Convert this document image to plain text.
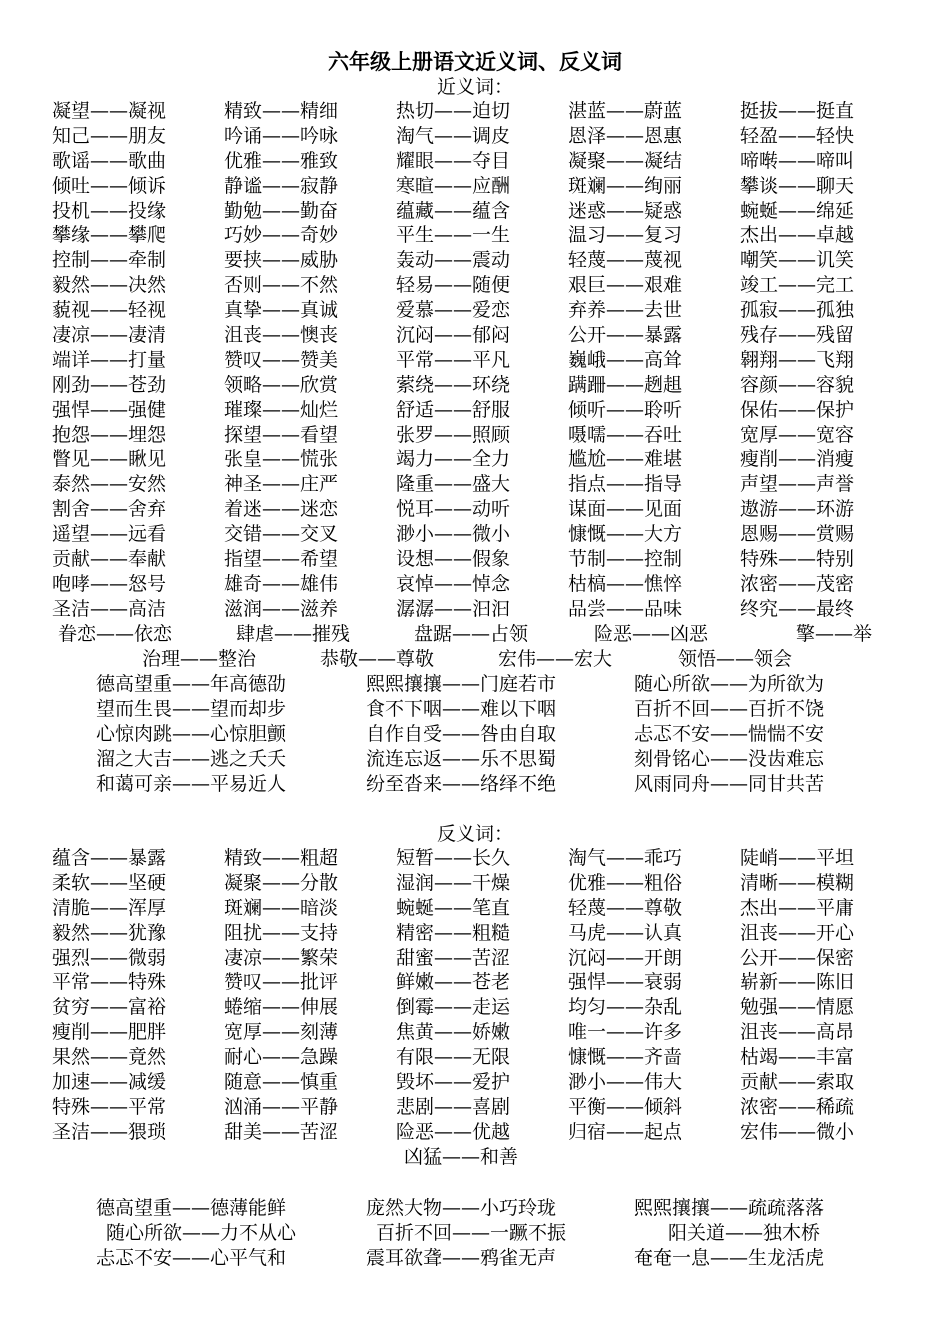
六年级上册语文近义词、反义词
近义词：
凝望——凝视	精致——精细	热切——迫切	湛蓝——蔚蓝	挺拔——挺直
知己——朋友	吟诵——吟咏	淘气——调皮	恩泽——恩惠	轻盈——轻快
歌谣——歌曲	优雅——雅致	耀眼——夺目	凝聚——凝结	啼啭——啼叫
倾吐——倾诉	静谧——寂静	寒暄——应酬	斑斓——绚丽	攀谈——聊天
投机——投缘	勤勉——勤奋	蕴藏——蕴含	迷惑——疑惑	蜿蜒——绵延
攀缘——攀爬	巧妙——奇妙	平生——一生	温习——复习	杰出——卓越
控制——牵制	要挟——威胁	轰动——震动	轻蔑——蔑视	嘲笑——讥笑
毅然——决然	否则——不然	轻易——随便	艰巨——艰难	竣工——完工
藐视——轻视	真挚——真诚	爱慕——爱恋	弃养——去世	孤寂——孤独
凄凉——凄清	沮丧——懊丧	沉闷——郁闷	公开——暴露	残存——残留
端详——打量	赞叹——赞美	平常——平凡	巍峨——高耸	翱翔——飞翔
刚劲——苍劲	领略——欣赏	萦绕——环绕	蹒跚——趔趄	容颜——容貌
强悍——强健	璀璨——灿烂	舒适——舒服	倾听——聆听	保佑——保护
抱怨——埋怨	探望——看望	张罗——照顾	嗫嚅——吞吐	宽厚——宽容
瞥见——瞅见	张皇——慌张	竭力——全力	尴尬——难堪	瘦削——消瘦
泰然——安然	神圣——庄严	隆重——盛大	指点——指导	声望——声誉
割舍——舍弃	着迷——迷恋	悦耳——动听	谋面——见面	遨游——环游
遥望——远看	交错——交叉	渺小——微小	慷慨——大方	恩赐——赏赐
贡献——奉献	指望——希望	设想——假象	节制——控制	特殊——特别
咆哮——怒号	雄奇——雄伟	哀悼——悼念	枯槁——憔悴	浓密——茂密
圣洁——高洁	滋润——滋养	潺潺——汩汩	品尝——品味	终究——最终
眷恋——依恋	肆虐——摧残	盘踞——占领	险恶——凶恶	擎——举
治理——整治	恭敬——尊敬	宏伟——宏大	领悟——领会
德高望重——年高德劭	熙熙攘攘——门庭若市	随心所欲——为所欲为
望而生畏——望而却步	食不下咽——难以下咽	百折不回——百折不饶
心惊肉跳——心惊胆颤	自作自受——咎由自取	忐忑不安——惴惴不安
溜之大吉——逃之夭夭	流连忘返——乐不思蜀	刻骨铭心——没齿难忘
和蔼可亲——平易近人	纷至沓来——络绎不绝	风雨同舟——同甘共苦
反义词：
蕴含——暴露	精致——粗超	短暂——长久	淘气——乖巧	陡峭——平坦
柔软——坚硬	凝聚——分散	湿润——干燥	优雅——粗俗	清晰——模糊
清脆——浑厚	斑斓——暗淡	蜿蜒——笔直	轻蔑——尊敬	杰出——平庸
毅然——犹豫	阻扰——支持	精密——粗糙	马虎——认真	沮丧——开心
强烈——微弱	凄凉——繁荣	甜蜜——苦涩	沉闷——开朗	公开——保密
平常——特殊	赞叹——批评	鲜嫩——苍老	强悍——衰弱	崭新——陈旧
贫穷——富裕	蜷缩——伸展	倒霉——走运	均匀——杂乱	勉强——情愿
瘦削——肥胖	宽厚——刻薄	焦黄——娇嫩	唯一——许多	沮丧——高昂
果然——竟然	耐心——急躁	有限——无限	慷慨——齐啬	枯竭——丰富
加速——减缓	随意——慎重	毁坏——爱护	渺小——伟大	贡献——索取
特殊——平常	汹涌——平静	悲剧——喜剧	平衡——倾斜	浓密——稀疏
圣洁——猥琐	甜美——苦涩	险恶——优越	归宿——起点	宏伟——微小
凶猛——和善
德高望重——德薄能鲜	庞然大物——小巧玲珑	熙熙攘攘——疏疏落落
随心所欲——力不从心	百折不回——一蹶不振	阳关道——独木桥
忐忑不安——心平气和	震耳欲聋——鸦雀无声	奄奄一息——生龙活虎
